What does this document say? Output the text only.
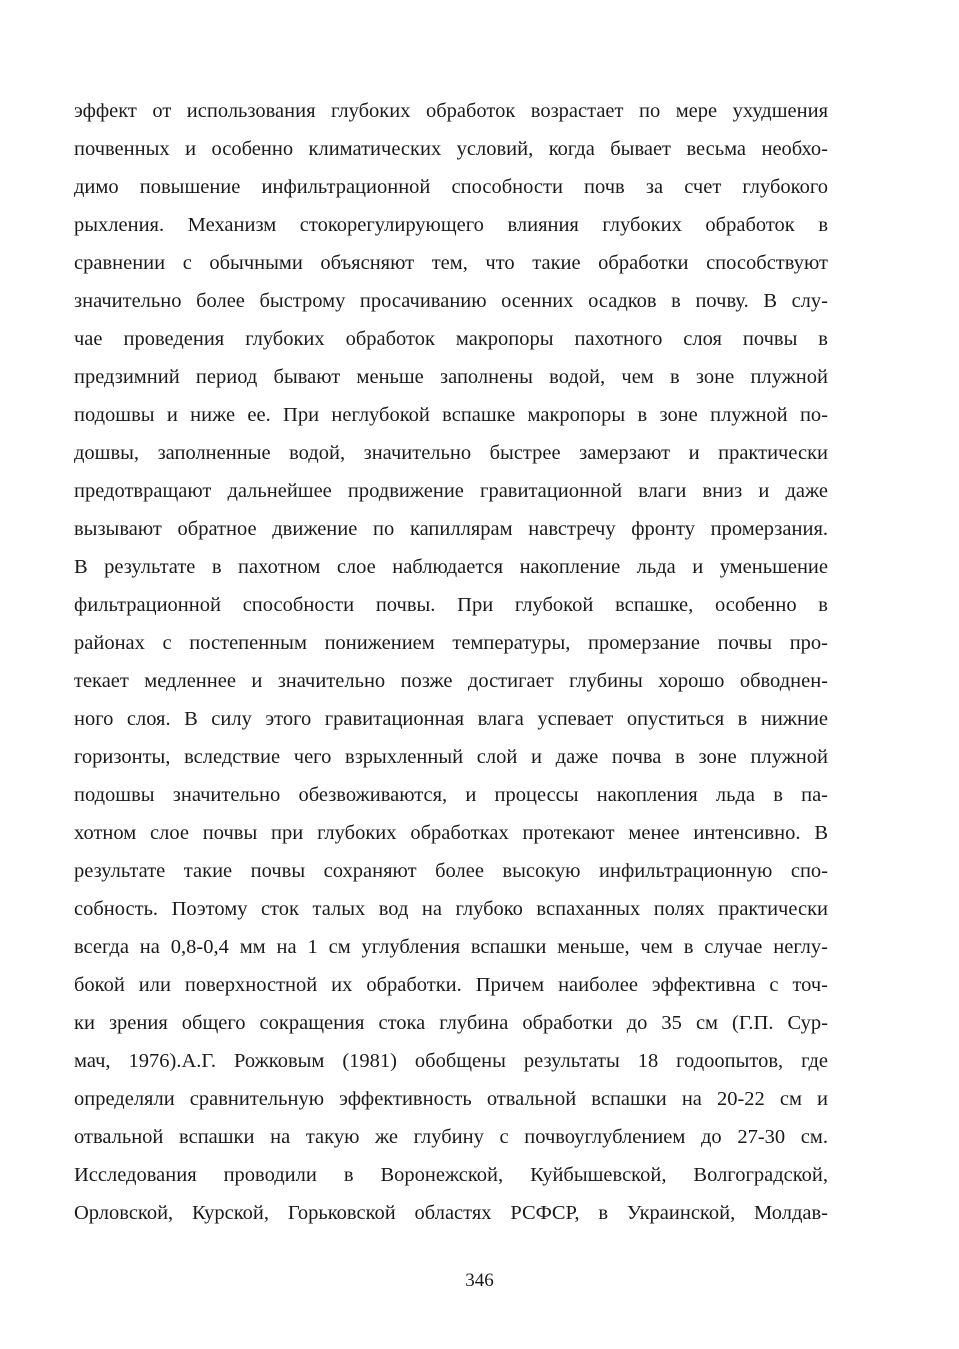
эффект от использования глубоких обработок возрастает по мере ухудшения
почвенных и особенно климатических условий, когда бывает весьма необхо-
димо повышение инфильтрационной способности почв за счет глубокого
рыхления. Механизм стокорегулирующего влияния глубоких обработок в
сравнении с обычными объясняют тем, что такие обработки способствуют
значительно более быстрому просачиванию осенних осадков в почву. В слу-
чае проведения глубоких обработок макропоры пахотного слоя почвы в
предзимний период бывают меньше заполнены водой, чем в зоне плужной
подошвы и ниже ее. При неглубокой вспашке макропоры в зоне плужной по-
дошвы, заполненные водой, значительно быстрее замерзают и практически
предотвращают дальнейшее продвижение гравитационной влаги вниз и даже
вызывают обратное движение по капиллярам навстречу фронту промерзания.
В результате в пахотном слое наблюдается накопление льда и уменьшение
фильтрационной способности почвы. При глубокой вспашке, особенно в
районах с постепенным понижением температуры, промерзание почвы про-
текает медленнее и значительно позже достигает глубины хорошо обводнен-
ного слоя. В силу этого гравитационная влага успевает опуститься в нижние
горизонты, вследствие чего взрыхленный слой и даже почва в зоне плужной
подошвы значительно обезвоживаются, и процессы накопления льда в па-
хотном слое почвы при глубоких обработках протекают менее интенсивно. В
результате такие почвы сохраняют более высокую инфильтрационную спо-
собность. Поэтому сток талых вод на глубоко вспаханных полях практически
всегда на 0,8-0,4 мм на 1 см углубления вспашки меньше, чем в случае неглу-
бокой или поверхностной их обработки. Причем наиболее эффективна с точ-
ки зрения общего сокращения стока глубина обработки до 35 см (Г.П. Сур-
мач, 1976).А.Г. Рожковым (1981) обобщены результаты 18 годоопытов, где
определяли сравнительную эффективность отвальной вспашки на 20-22 см и
отвальной вспашки на такую же глубину с почвоуглублением до 27-30 см.
Исследования проводили в Воронежской, Куйбышевской, Волгоградской,
Орловской, Курской, Горьковской областях РСФСР, в Украинской, Молдав-
346
